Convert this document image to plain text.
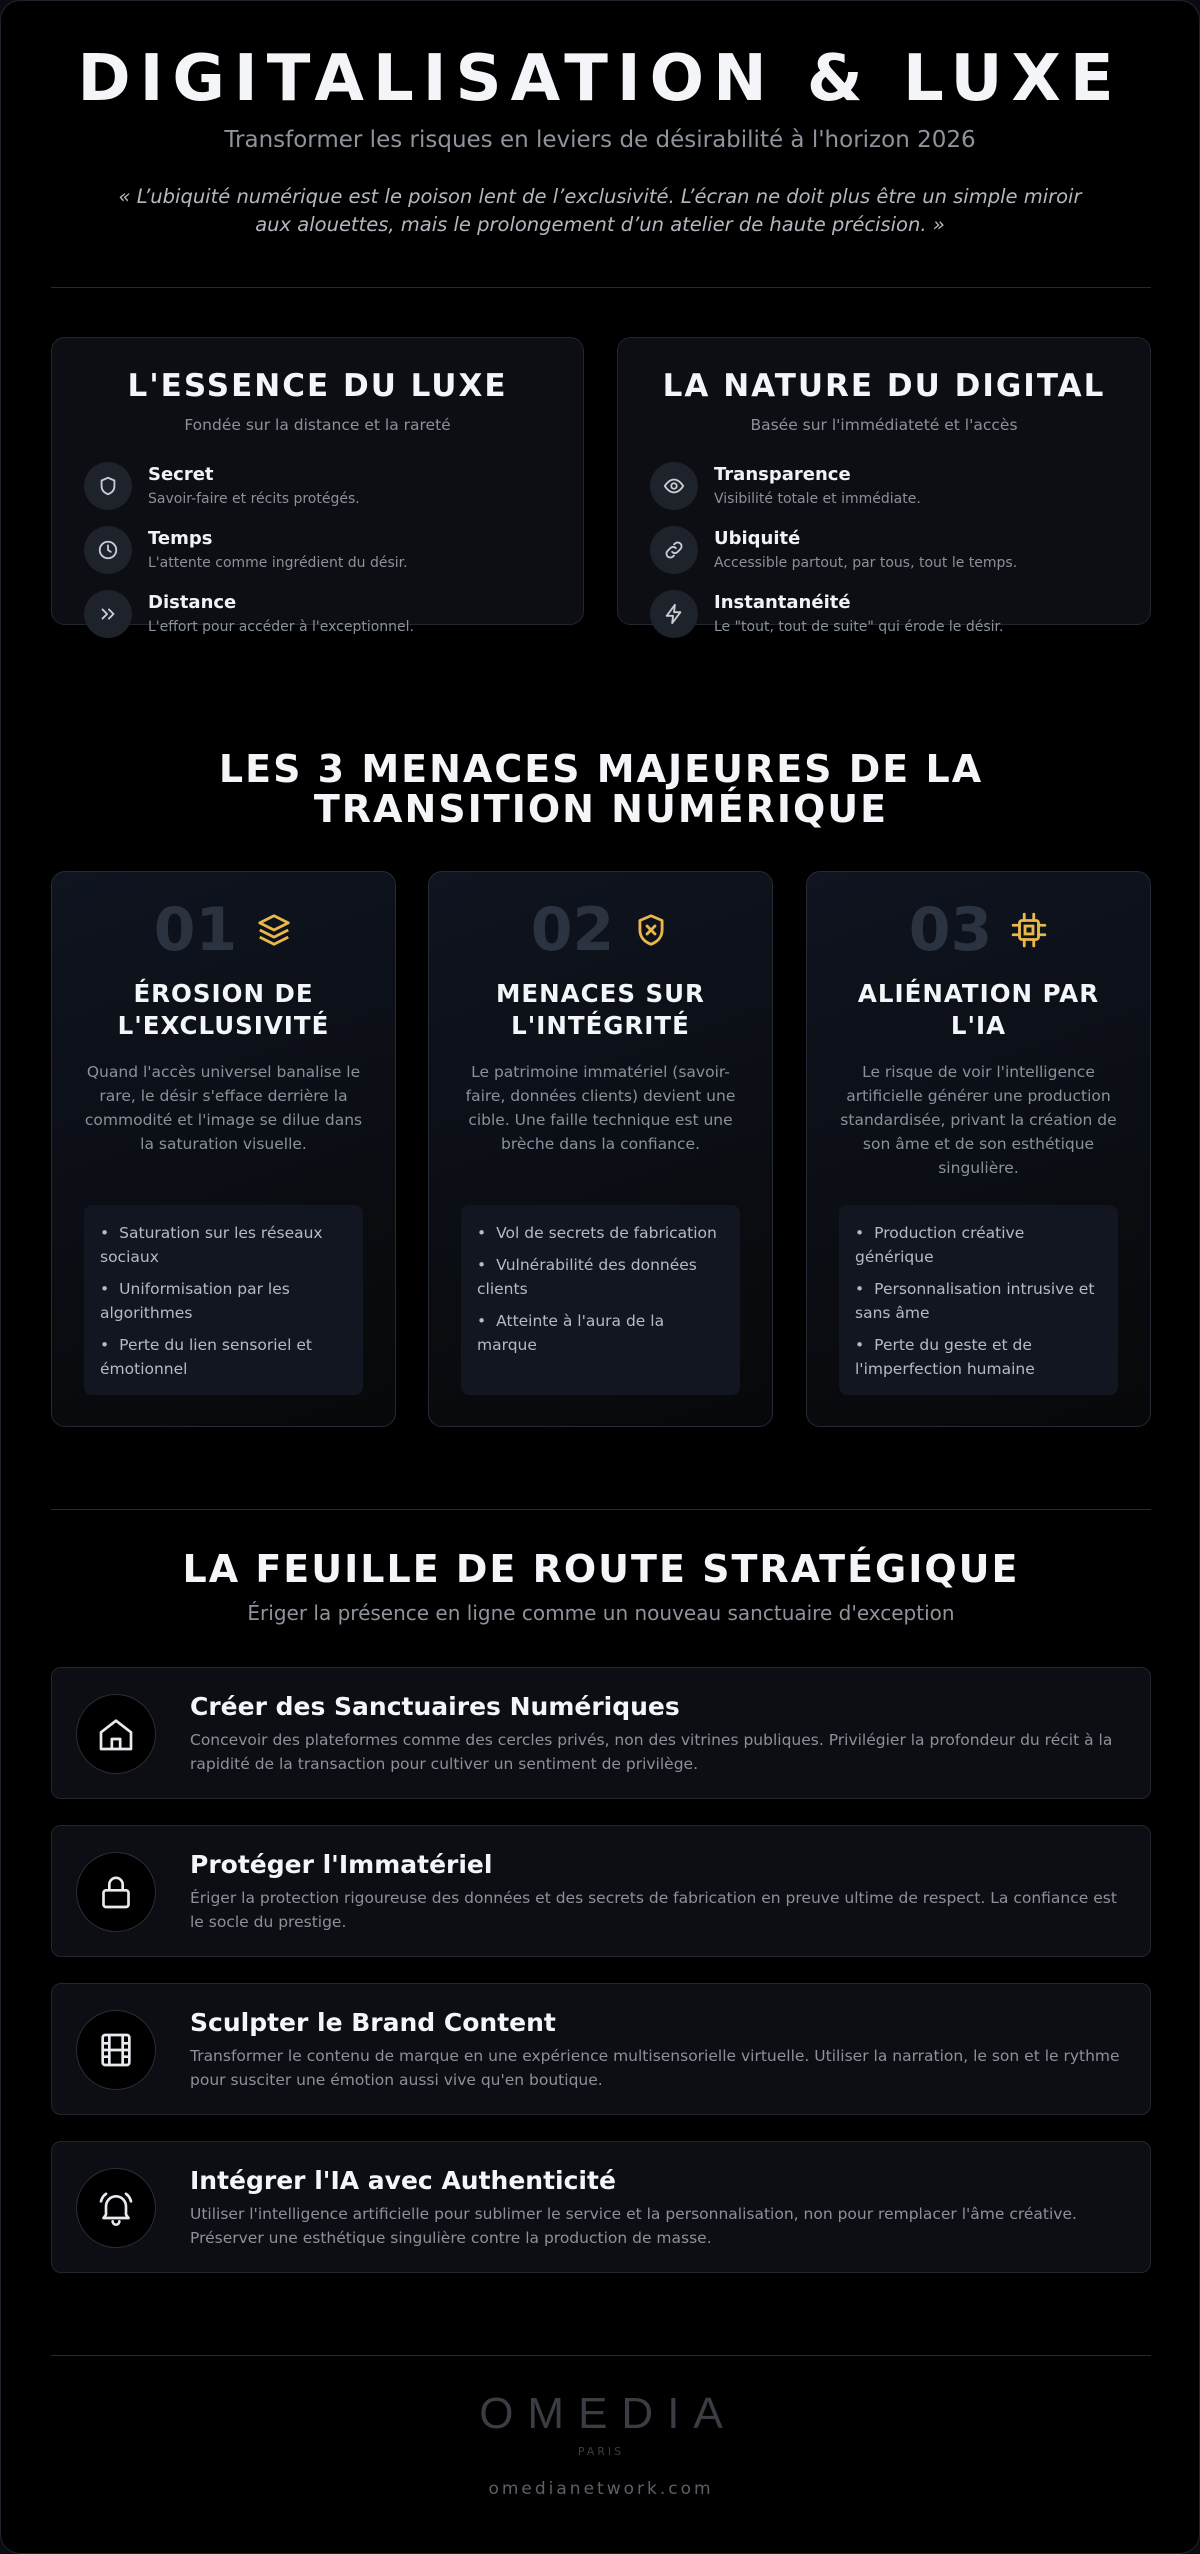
DIGITALISATION & LUXE

Transformer les risques en leviers de désirabilité à l'horizon 2026

« L’ubiquité numérique est le poison lent de l’exclusivité. L’écran ne doit plus être un simple miroir aux alouettes, mais le prolongement d’un atelier de haute précision. »

L'ESSENCE DU LUXE

Fondée sur la distance et la rareté

Secret
Savoir-faire et récits protégés.
Temps
L'attente comme ingrédient du désir.
Distance
L'effort pour accéder à l'exceptionnel.
LA NATURE DU DIGITAL

Basée sur l'immédiateté et l'accès

Transparence
Visibilité totale et immédiate.
Ubiquité
Accessible partout, par tous, tout le temps.
Instantanéité
Le "tout, tout de suite" qui érode le désir.
LES 3 MENACES MAJEURES DE LA TRANSITION NUMÉRIQUE
01
ÉROSION DE L'EXCLUSIVITÉ

Quand l'accès universel banalise le rare, le désir s'efface derrière la commodité et l'image se dilue dans la saturation visuelle.

• Saturation sur les réseaux sociaux
• Uniformisation par les algorithmes
• Perte du lien sensoriel et émotionnel
02
MENACES SUR L'INTÉGRITÉ

Le patrimoine immatériel (savoir-faire, données clients) devient une cible. Une faille technique est une brèche dans la confiance.

• Vol de secrets de fabrication
• Vulnérabilité des données clients
• Atteinte à l'aura de la marque
03
ALIÉNATION PAR L'IA

Le risque de voir l'intelligence artificielle générer une production standardisée, privant la création de son âme et de son esthétique singulière.

• Production créative générique
• Personnalisation intrusive et sans âme
• Perte du geste et de l'imperfection humaine
LA FEUILLE DE ROUTE STRATÉGIQUE

Ériger la présence en ligne comme un nouveau sanctuaire d'exception

Créer des Sanctuaires Numériques
Concevoir des plateformes comme des cercles privés, non des vitrines publiques. Privilégier la profondeur du récit à la rapidité de la transaction pour cultiver un sentiment de privilège.
Protéger l'Immatériel
Ériger la protection rigoureuse des données et des secrets de fabrication en preuve ultime de respect. La confiance est le socle du prestige.
Sculpter le Brand Content
Transformer le contenu de marque en une expérience multisensorielle virtuelle. Utiliser la narration, le son et le rythme pour susciter une émotion aussi vive qu'en boutique.
Intégrer l'IA avec Authenticité
Utiliser l'intelligence artificielle pour sublimer le service et la personnalisation, non pour remplacer l'âme créative. Préserver une esthétique singulière contre la production de masse.
OMEDIA
PARIS
omedianetwork.com
